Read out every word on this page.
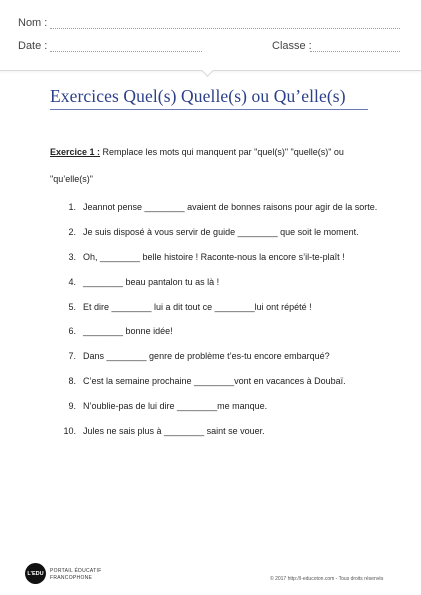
Nom :
Date :	Classe :
Exercices Quel(s) Quelle(s) ou Qu’elle(s)
Exercice 1 : Remplace les mots qui manquent par "quel(s)" "quelle(s)" ou "qu’elle(s)"
1. Jeannot pense ________ avaient de bonnes raisons pour agir de la sorte.
2. Je suis disposé à vous servir de guide ________ que soit le moment.
3. Oh, ________ belle histoire ! Raconte-nous la encore s’il-te-plaît !
4. ________ beau pantalon tu as là !
5. Et dire ________ lui a dit tout ce ________lui ont répété !
6. ________ bonne idée!
7. Dans ________ genre de problème t’es-tu encore embarqué?
8. C’est la semaine prochaine ________vont en vacances à Doubaï.
9. N’oublie-pas de lui dire ________me manque.
10. Jules ne sais plus à ________ saint se vouer.
L’EDU	PORTAIL ÉDUCATIF
FRANCOPHONE	© 2017 http://l-educoton.com - Tous droits réservés
